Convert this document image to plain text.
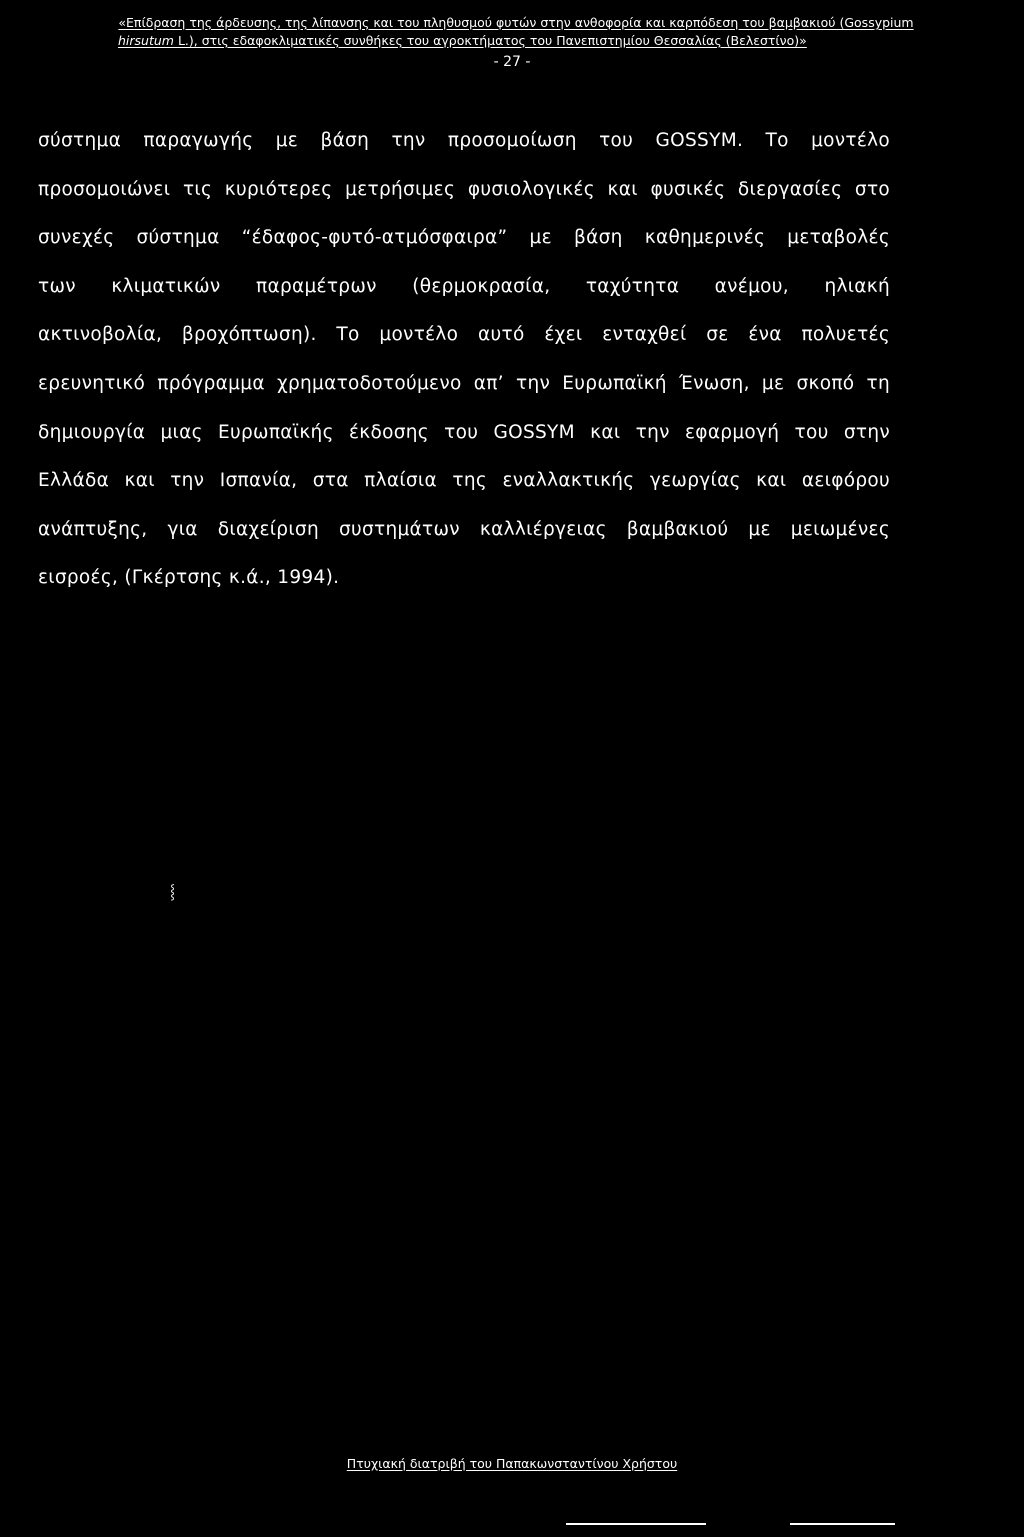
«Επίδραση της άρδευσης, της λίπανσης και του πληθυσμού φυτών στην ανθοφορία και καρπόδεση του βαμβακιού (Gossypium
hirsutum L.), στις εδαφοκλιματικές συνθήκες του αγροκτήματος του Πανεπιστημίου Θεσσαλίας (Βελεστίνο)»
- 27 -
σύστημα παραγωγής με βάση την προσομοίωση του GOSSYM. Το μοντέλο
προσομοιώνει τις κυριότερες μετρήσιμες φυσιολογικές και φυσικές διεργασίες στο
συνεχές σύστημα “έδαφος-φυτό-ατμόσφαιρα” με βάση καθημερινές μεταβολές
των κλιματικών παραμέτρων (θερμοκρασία, ταχύτητα ανέμου, ηλιακή
ακτινοβολία, βροχόπτωση). Το μοντέλο αυτό έχει ενταχθεί σε ένα πολυετές
ερευνητικό πρόγραμμα χρηματοδοτούμενο απ’ την Ευρωπαϊκή Ένωση, με σκοπό τη
δημιουργία μιας Ευρωπαϊκής έκδοσης του GOSSYM και την εφαρμογή του στην
Ελλάδα και την Ισπανία, στα πλαίσια της εναλλακτικής γεωργίας και αειφόρου
ανάπτυξης, για διαχείριση συστημάτων καλλιέργειας βαμβακιού με μειωμένες
εισροές, (Γκέρτσης κ.ά., 1994).
⸾
Πτυχιακή διατριβή του Παπακωνσταντίνου Χρήστου
